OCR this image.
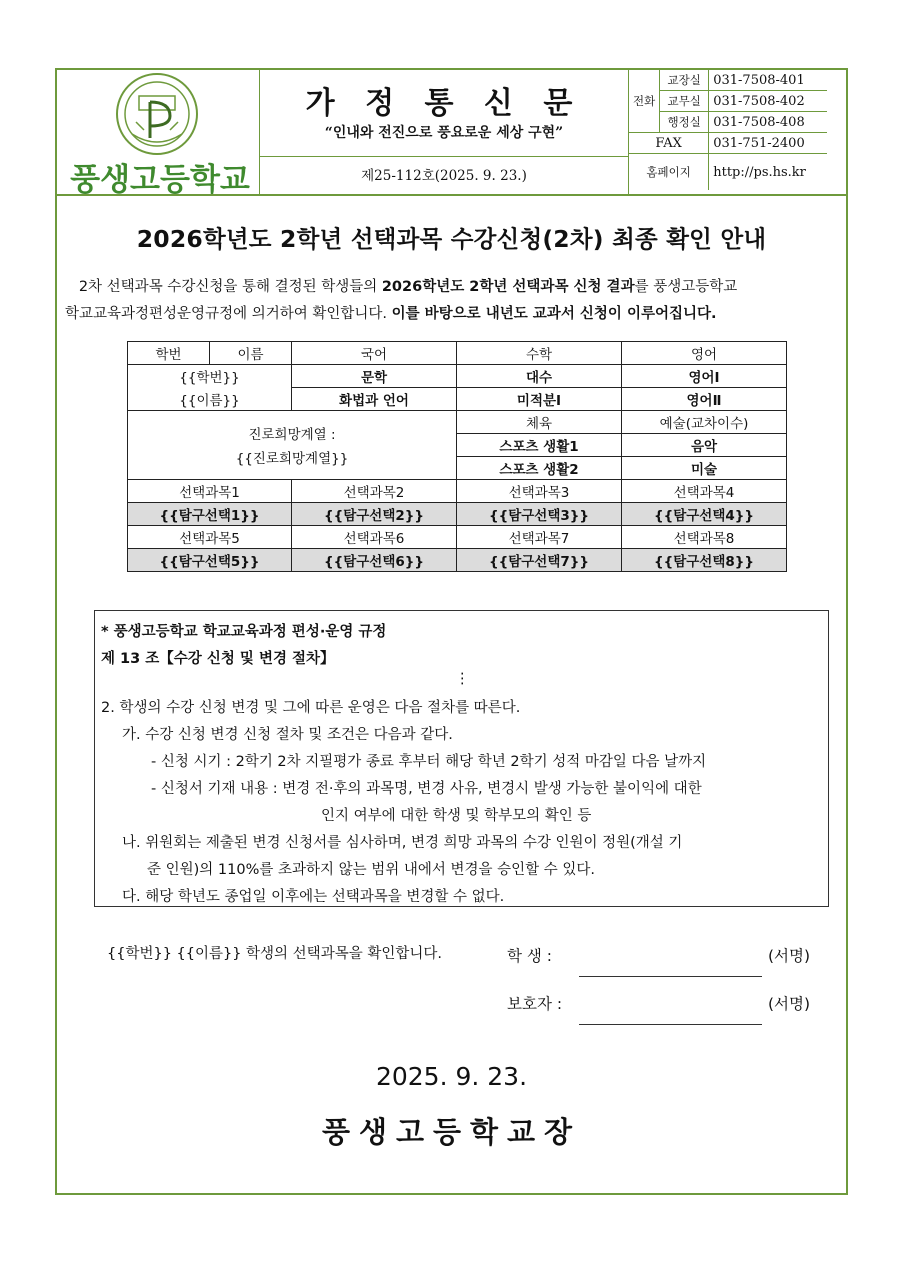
풍생고등학교
가 정 통 신 문
“인내와 전진으로 풍요로운 세상 구현”
제25-112호(2025. 9. 23.)
전화	교장실	031-7508-401
	교무실	031-7508-402
	행정실	031-7508-408
FAX		031-751-2400
홈페이지		http://ps.hs.kr
2026학년도 2학년 선택과목 수강신청(2차) 최종 확인 안내
2차 선택과목 수강신청을 통해 결정된 학생들의 2026학년도 2학년 선택과목 신청 결과를 풍생고등학교
학교교육과정편성운영규정에 의거하여 확인합니다. 이를 바탕으로 내년도 교과서 신청이 이루어집니다.
학번	이름	국어	수학	영어
{{학번}}		문학	대수	영어Ⅰ
{{이름}}		화법과 언어	미적분Ⅰ	영어Ⅱ

진로희망계열 :
{{진로희망계열}}			체육	예술(교차이수)
			스포츠 생활1	음악
			스포츠 생활2	미술
선택과목1		선택과목2	선택과목3	선택과목4
{{탐구선택1}}		{{탐구선택2}}	{{탐구선택3}}	{{탐구선택4}}
선택과목5		선택과목6	선택과목7	선택과목8
{{탐구선택5}}		{{탐구선택6}}	{{탐구선택7}}	{{탐구선택8}}
* 풍생고등학교 학교교육과정 편성·운영 규정
제 13 조【수강 신청 및 변경 절차】
⋮
2. 학생의 수강 신청 변경 및 그에 따른 운영은 다음 절차를 따른다.
가. 수강 신청 변경 신청 절차 및 조건은 다음과 같다.
- 신청 시기 : 2학기 2차 지필평가 종료 후부터 해당 학년 2학기 성적 마감일 다음 날까지
- 신청서 기재 내용 : 변경 전·후의 과목명, 변경 사유, 변경시 발생 가능한 불이익에 대한
인지 여부에 대한 학생 및 학부모의 확인 등
나. 위원회는 제출된 변경 신청서를 심사하며, 변경 희망 과목의 수강 인원이 정원(개설 기
준 인원)의 110%를 초과하지 않는 범위 내에서 변경을 승인할 수 있다.
다. 해당 학년도 종업일 이후에는 선택과목을 변경할 수 없다.
{{학번}} {{이름}} 학생의 선택과목을 확인합니다.	학 생 :	(서명)
보호자 :	(서명)
2025. 9. 23.
풍생고등학교장
